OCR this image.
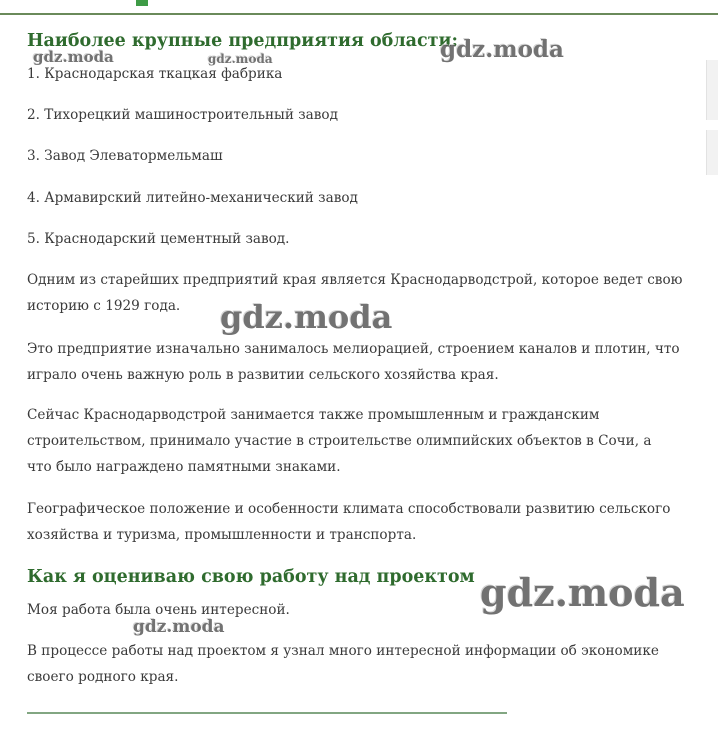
Наиболее крупные предприятия области:

1. Краснодарская ткацкая фабрика

2. Тихорецкий машиностроительный завод

3. Завод Элеватормельмаш

4. Армавирский литейно-механический завод

5. Краснодарский цементный завод.

Одним из старейших предприятий края является Краснодарводстрой, которое ведет свою историю с 1929 года.

Это предприятие изначально занималось мелиорацией, строением каналов и плотин, что играло очень важную роль в развитии сельского хозяйства края.

Сейчас Краснодарводстрой занимается также промышленным и гражданским строительством, принимало участие в строительстве олимпийских объектов в Сочи, а что было награждено памятными знаками.

Географическое положение и особенности климата способствовали развитию сельского хозяйства и туризма, промышленности и транспорта.

Как я оцениваю свою работу над проектом

Моя работа была очень интересной.

В процессе работы над проектом я узнал много интересной информации об экономике своего родного края.

gdz.moda	gdz.moda	gdz.moda
gdz.moda
gdz.moda
gdz.moda
